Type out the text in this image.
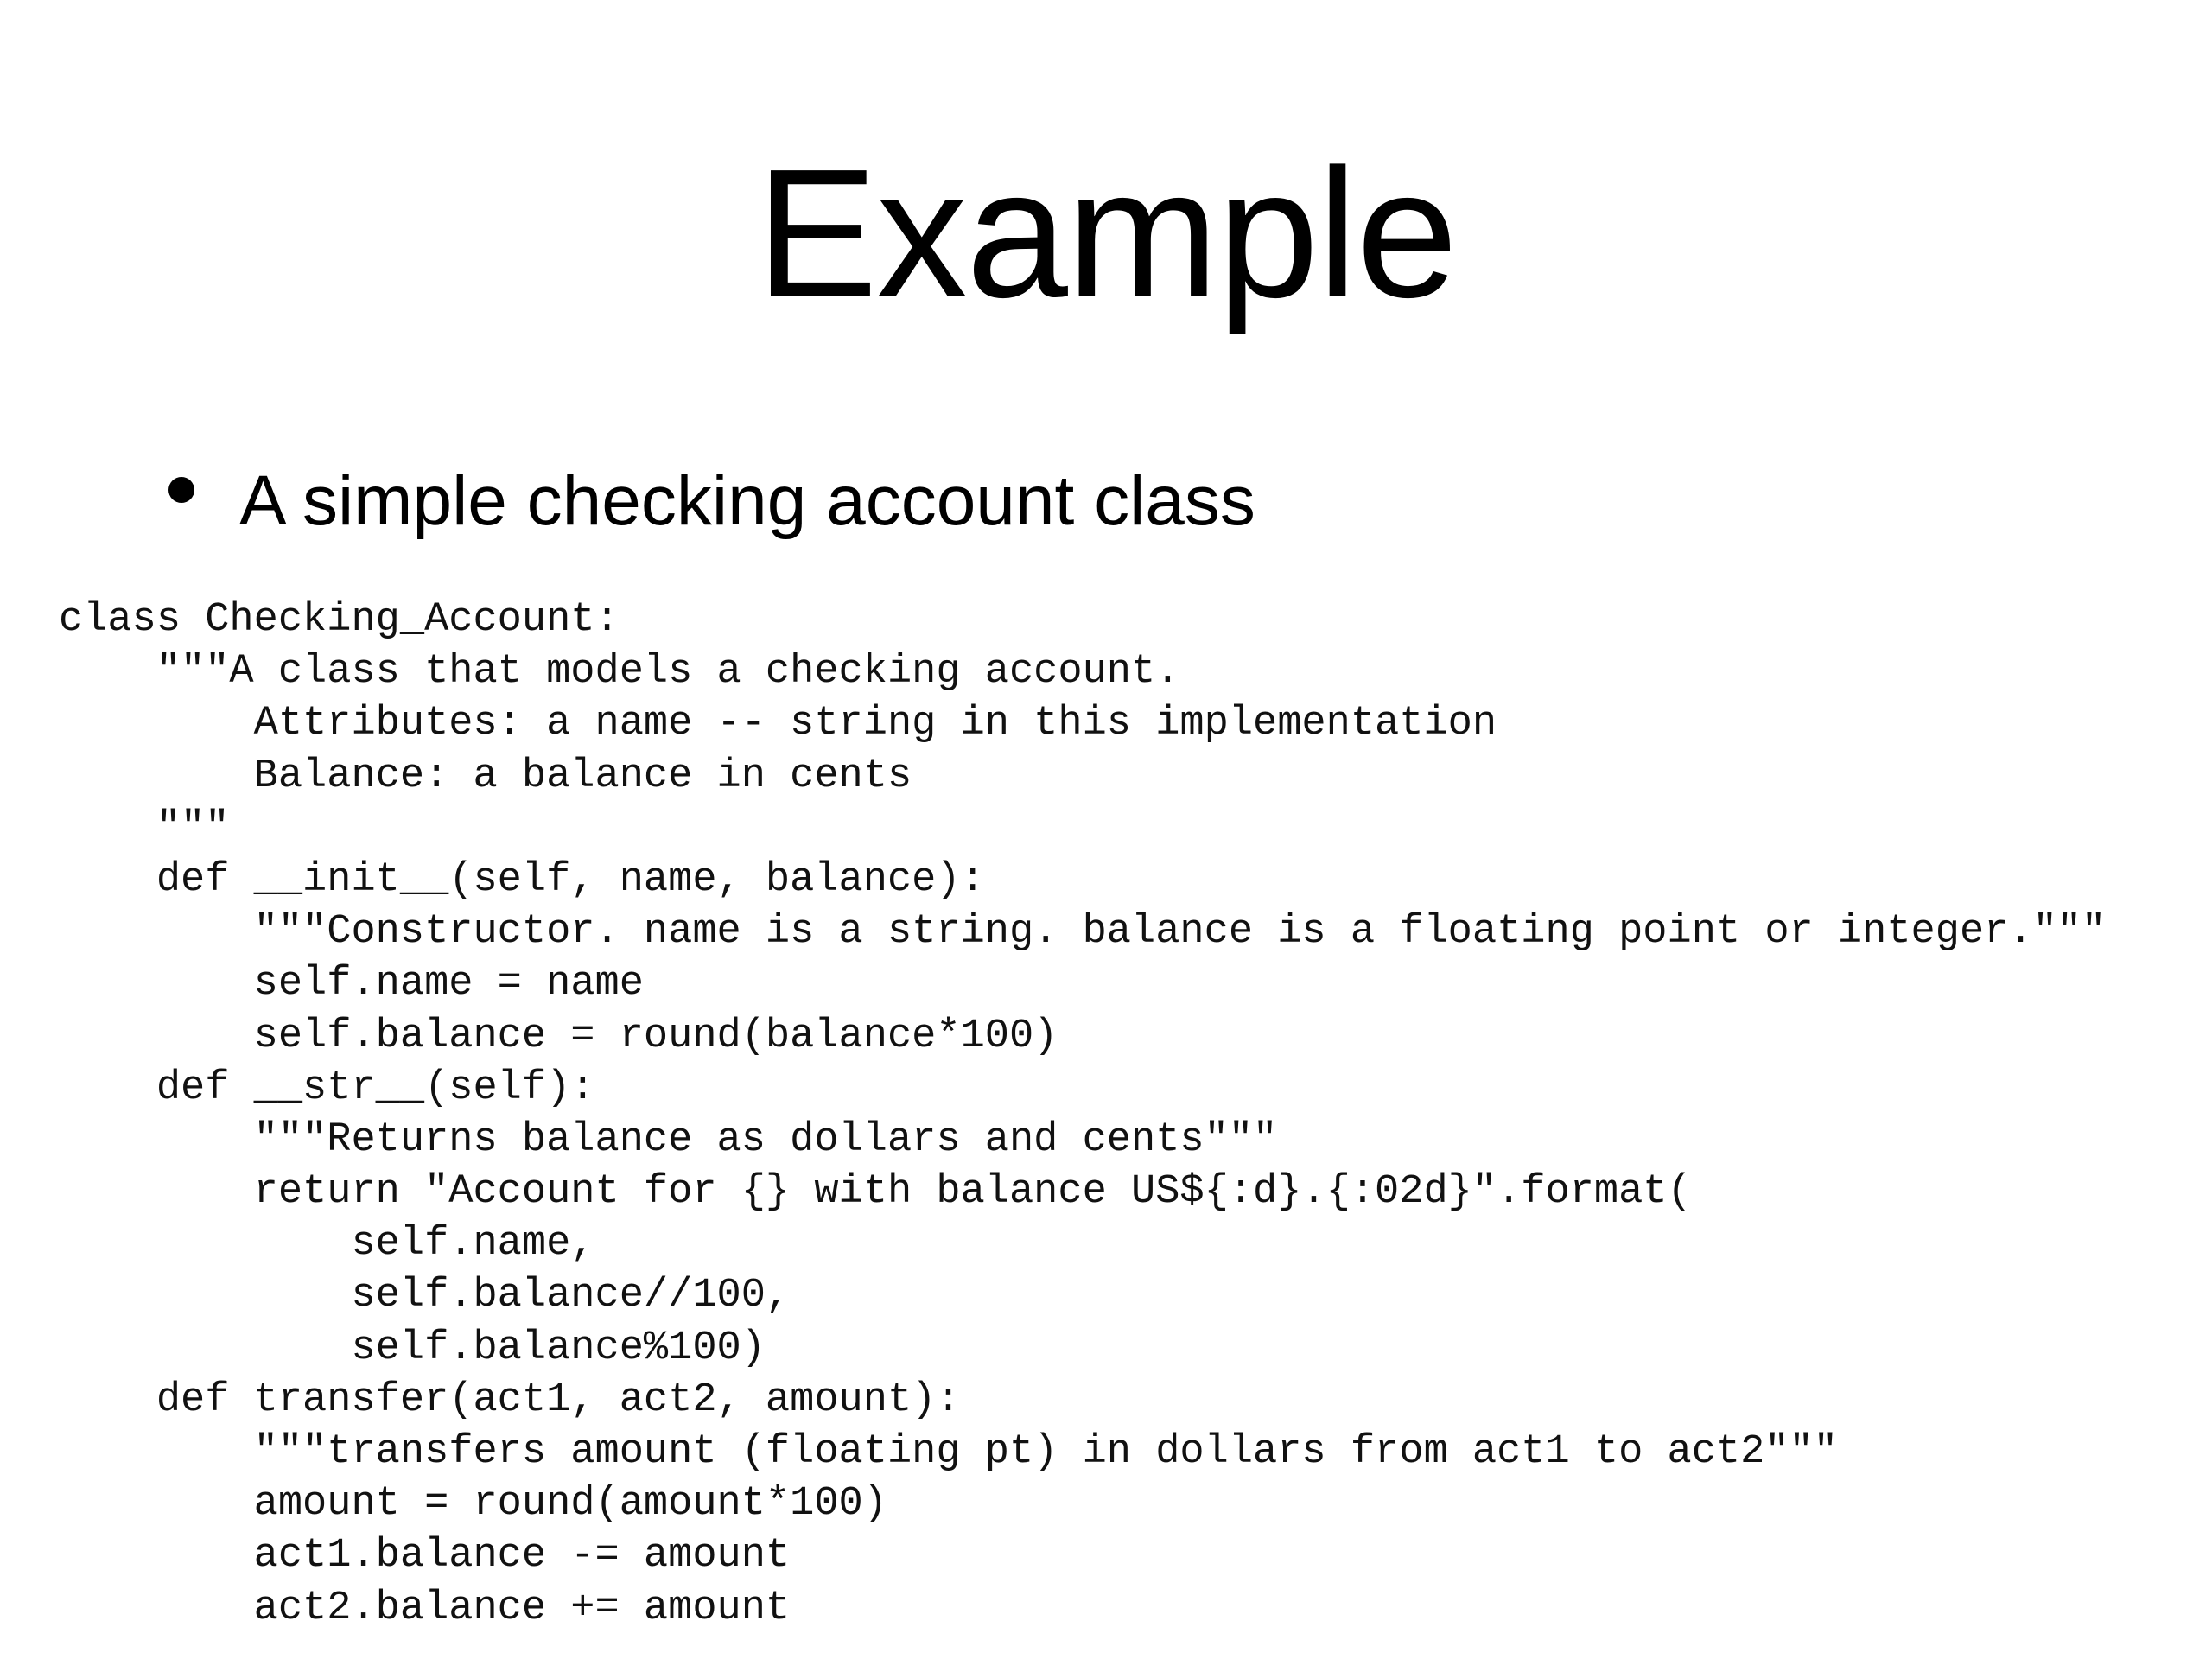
Example
A simple checking account class
class Checking_Account:
"""A class that models a checking account.
Attributes: a name -- string in this implementation
Balance: a balance in cents
"""
def __init__(self, name, balance):
"""Constructor. name is a string. balance is a floating point or integer."""
self.name = name
self.balance = round(balance*100)
def __str__(self):
"""Returns balance as dollars and cents"""
return "Account for {} with balance US${:d}.{:02d}".format(
self.name,
self.balance//100,
self.balance%100)
def transfer(act1, act2, amount):
"""transfers amount (floating pt) in dollars from act1 to act2"""
amount = round(amount*100)
act1.balance -= amount
act2.balance += amount
